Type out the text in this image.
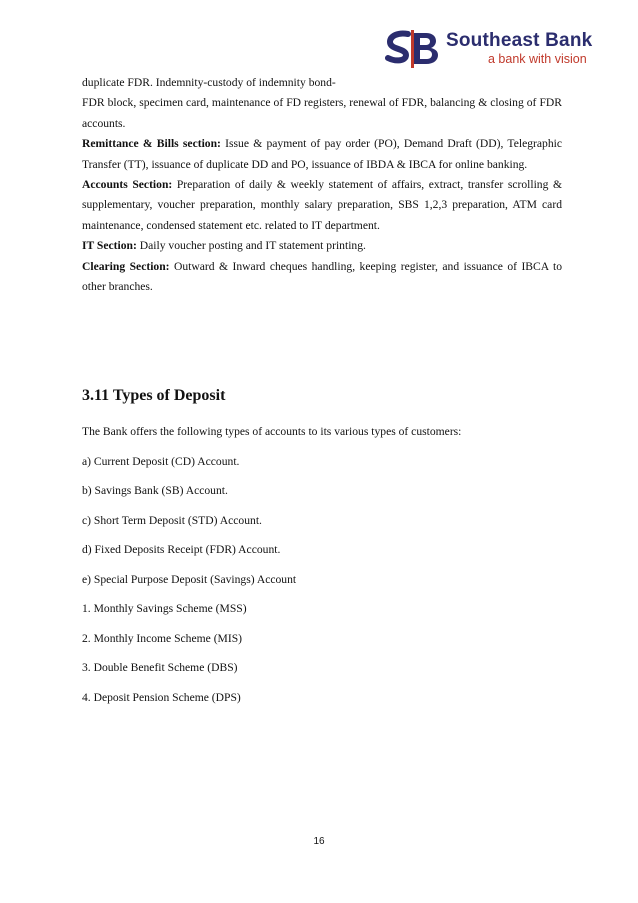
Southeast Bank
a bank with vision

duplicate FDR. Indemnity-custody of indemnity bond-

FDR block, specimen card, maintenance of FD registers, renewal of FDR, balancing & closing of FDR accounts.

Remittance & Bills section: Issue & payment of pay order (PO), Demand Draft (DD), Telegraphic Transfer (TT), issuance of duplicate DD and PO, issuance of IBDA & IBCA for online banking.

Accounts Section: Preparation of daily & weekly statement of affairs, extract, transfer scrolling & supplementary, voucher preparation, monthly salary preparation, SBS 1,2,3 preparation, ATM card maintenance, condensed statement etc. related to IT department.

IT Section: Daily voucher posting and IT statement printing.

Clearing Section: Outward & Inward cheques handling, keeping register, and issuance of IBCA to other branches.

3.11 Types of Deposit

The Bank offers the following types of accounts to its various types of customers:

a) Current Deposit (CD) Account.

b) Savings Bank (SB) Account.

c) Short Term Deposit (STD) Account.

d) Fixed Deposits Receipt (FDR) Account.

e) Special Purpose Deposit (Savings) Account

1. Monthly Savings Scheme (MSS)

2. Monthly Income Scheme (MIS)

3. Double Benefit Scheme (DBS)

4. Deposit Pension Scheme (DPS)

16
